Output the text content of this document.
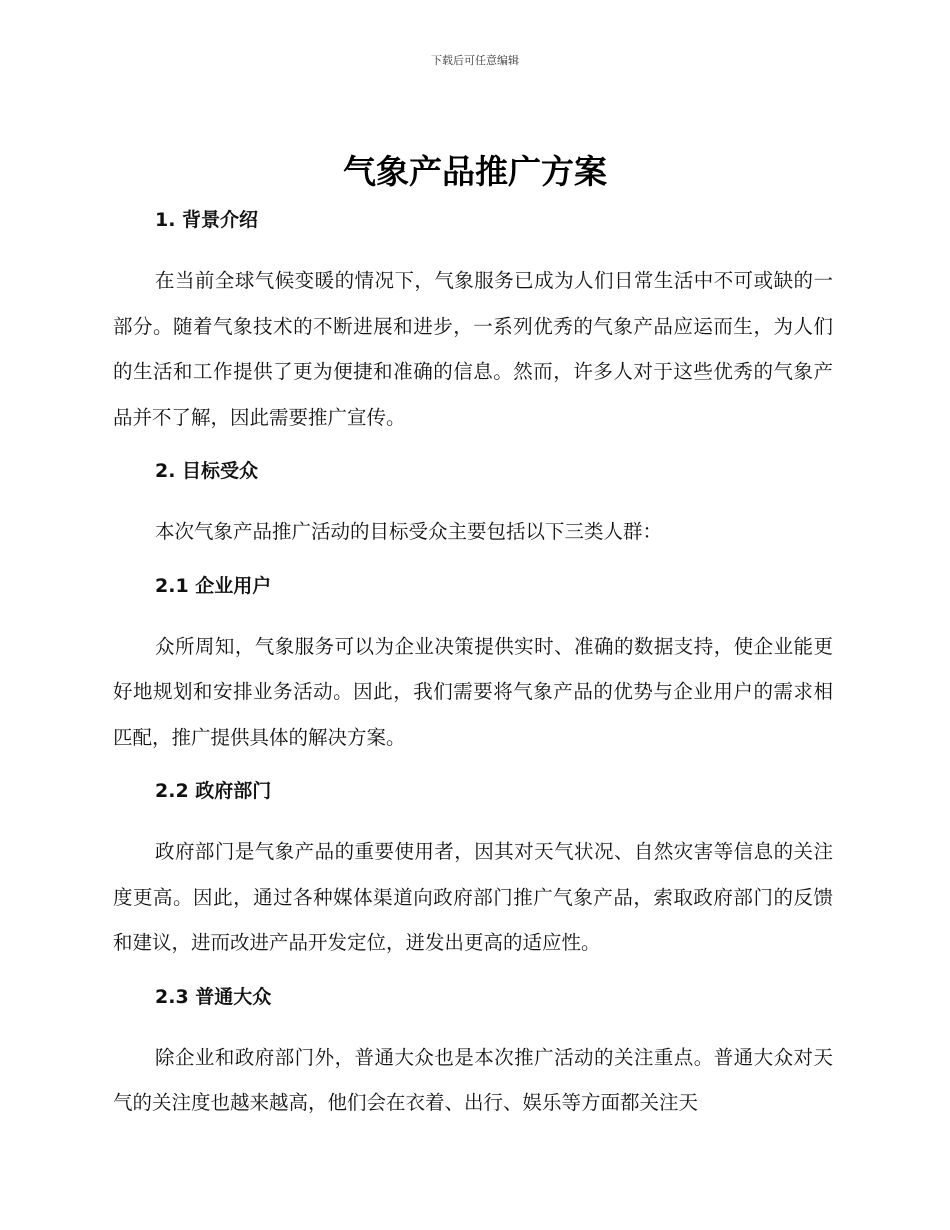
下载后可任意编辑
气象产品推广方案
1. 背景介绍

在当前全球气候变暖的情况下，气象服务已成为人们日常生活中不可或缺的一部分。随着气象技术的不断进展和进步，一系列优秀的气象产品应运而生，为人们的生活和工作提供了更为便捷和准确的信息。然而，许多人对于这些优秀的气象产品并不了解，因此需要推广宣传。

2. 目标受众

本次气象产品推广活动的目标受众主要包括以下三类人群：

2.1 企业用户

众所周知，气象服务可以为企业决策提供实时、准确的数据支持，使企业能更好地规划和安排业务活动。因此，我们需要将气象产品的优势与企业用户的需求相匹配，推广提供具体的解决方案。

2.2 政府部门

政府部门是气象产品的重要使用者，因其对天气状况、自然灾害等信息的关注度更高。因此，通过各种媒体渠道向政府部门推广气象产品，索取政府部门的反馈和建议，进而改进产品开发定位，迸发出更高的适应性。

2.3 普通大众

除企业和政府部门外，普通大众也是本次推广活动的关注重点。普通大众对天气的关注度也越来越高，他们会在衣着、出行、娱乐等方面都关注天
